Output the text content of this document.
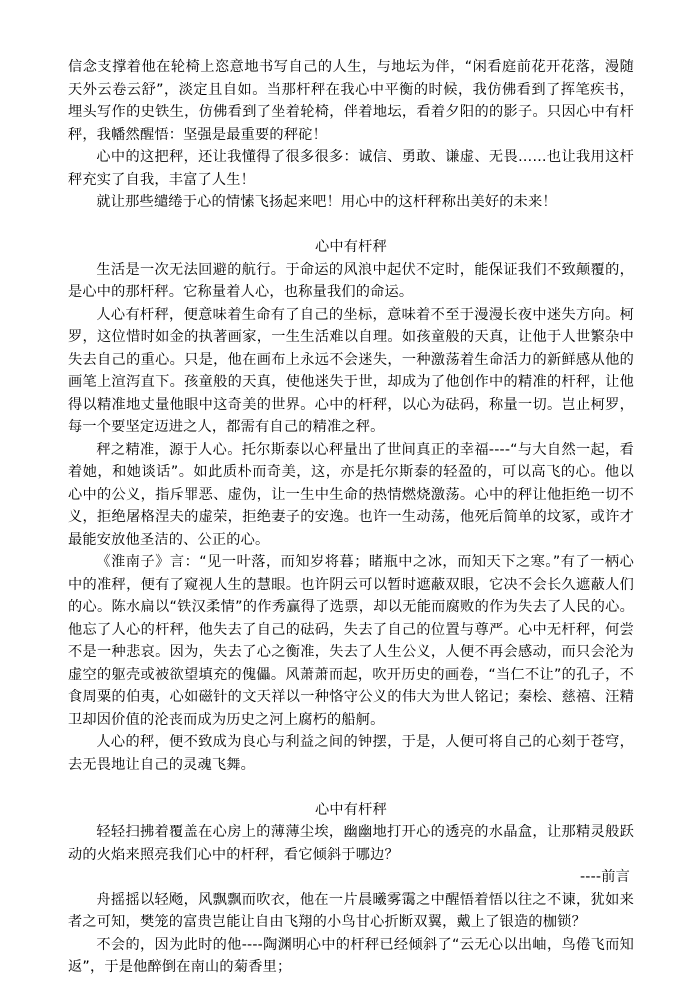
信念支撑着他在轮椅上恣意地书写自己的人生，与地坛为伴，“闲看庭前花开花落，漫随天外云卷云舒”，淡定且自如。当那杆秤在我心中平衡的时候，我仿佛看到了挥笔疾书，埋头写作的史铁生，仿佛看到了坐着轮椅，伴着地坛，看着夕阳的的影子。只因心中有杆秤，我幡然醒悟：坚强是最重要的秤砣！

心中的这把秤，还让我懂得了很多很多：诚信、勇敢、谦虚、无畏……也让我用这杆秤充实了自我，丰富了人生！

就让那些缱绻于心的情愫飞扬起来吧！用心中的这杆秤称出美好的未来！

心中有杆秤

生活是一次无法回避的航行。于命运的风浪中起伏不定时，能保证我们不致颠覆的，是心中的那杆秤。它称量着人心，也称量我们的命运。

人心有杆秤，便意味着生命有了自己的坐标，意味着不至于漫漫长夜中迷失方向。柯罗，这位惜时如金的执著画家，一生生活难以自理。如孩童般的天真，让他于人世繁杂中失去自己的重心。只是，他在画布上永远不会迷失，一种激荡着生命活力的新鲜感从他的画笔上渲泻直下。孩童般的天真，使他迷失于世，却成为了他创作中的精准的杆秤，让他得以精准地丈量他眼中这奇美的世界。心中的杆秤，以心为砝码，称量一切。岂止柯罗，每一个要坚定迈进之人，都需有自己的精准之秤。

秤之精准，源于人心。托尔斯泰以心秤量出了世间真正的幸福----“与大自然一起，看着她，和她谈话”。如此质朴而奇美，这，亦是托尔斯泰的轻盈的，可以高飞的心。他以心中的公义，指斥罪恶、虚伪，让一生中生命的热情燃烧激荡。心中的秤让他拒绝一切不义，拒绝屠格涅夫的虚荣，拒绝妻子的安逸。也许一生动荡，他死后简单的坟冢，或许才最能安放他圣洁的、公正的心。

《淮南子》言：“见一叶落，而知岁将暮；睹瓶中之冰，而知天下之寒。”有了一柄心中的准秤，便有了窥视人生的慧眼。也许阴云可以暂时遮蔽双眼，它决不会长久遮蔽人们的心。陈水扁以“铁汉柔情”的作秀赢得了选票，却以无能而腐败的作为失去了人民的心。他忘了人心的杆秤，他失去了自己的砝码，失去了自己的位置与尊严。心中无杆秤，何尝不是一种悲哀。因为，失去了心之衡准，失去了人生公义，人便不再会感动，而只会沦为虚空的躯壳或被欲望填充的傀儡。风萧萧而起，吹开历史的画卷，“当仁不让”的孔子，不食周粟的伯夷，心如磁针的文天祥以一种恪守公义的伟大为世人铭记；秦桧、慈禧、汪精卫却因价值的沦丧而成为历史之河上腐朽的船舸。

人心的秤，便不致成为良心与利益之间的钟摆，于是，人便可将自己的心刻于苍穹，去无畏地让自己的灵魂飞舞。

心中有杆秤

轻轻扫拂着覆盖在心房上的薄薄尘埃，幽幽地打开心的透亮的水晶盒，让那精灵般跃动的火焰来照亮我们心中的杆秤，看它倾斜于哪边？

----前言

舟摇摇以轻飏，风飘飘而吹衣，他在一片晨曦雾霭之中醒悟着悟以往之不谏，犹如来者之可知，樊笼的富贵岂能让自由飞翔的小鸟甘心折断双翼，戴上了银造的枷锁？

不会的，因为此时的他----陶渊明心中的杆秤已经倾斜了“云无心以出岫，鸟倦飞而知返”，于是他醉倒在南山的菊香里；
